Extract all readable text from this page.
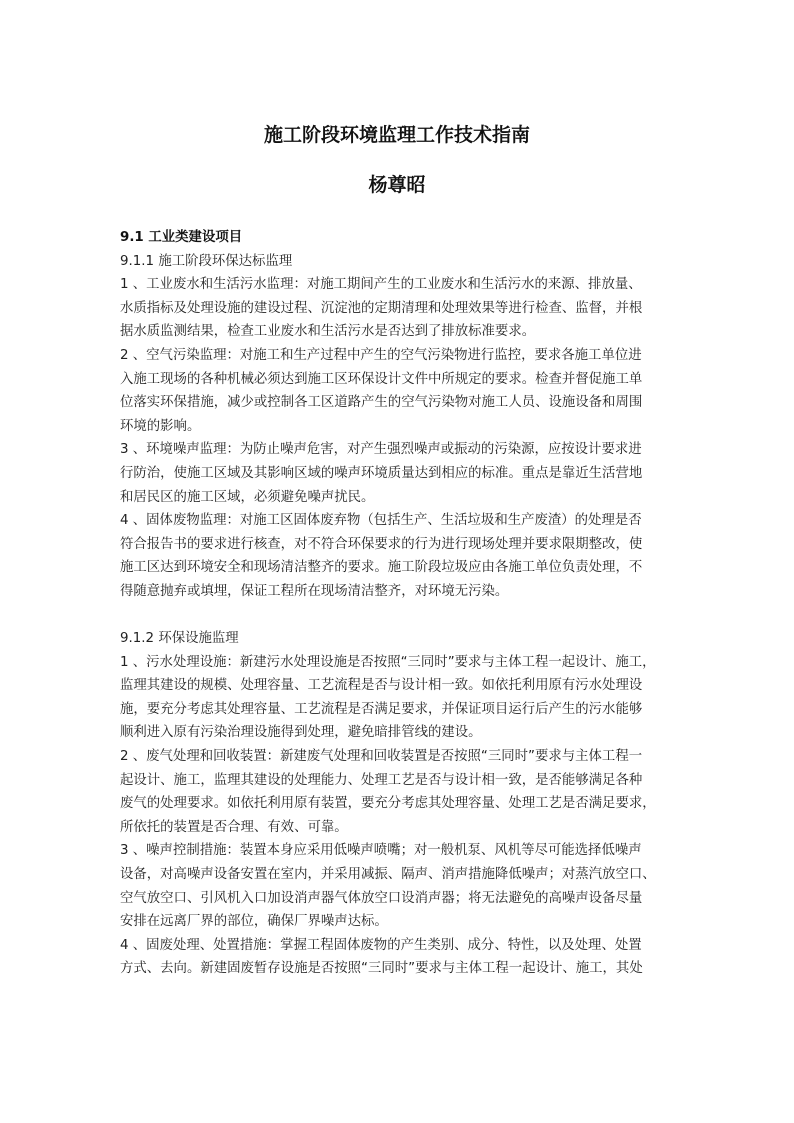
施工阶段环境监理工作技术指南
杨尊昭
9.1 工业类建设项目
9.1.1 施工阶段环保达标监理
1 、工业废水和生活污水监理：对施工期间产生的工业废水和生活污水的来源、排放量、
水质指标及处理设施的建设过程、沉淀池的定期清理和处理效果等进行检查、监督，并根
据水质监测结果，检查工业废水和生活污水是否达到了排放标准要求。
2 、空气污染监理：对施工和生产过程中产生的空气污染物进行监控，要求各施工单位进
入施工现场的各种机械必须达到施工区环保设计文件中所规定的要求。检查并督促施工单
位落实环保措施，减少或控制各工区道路产生的空气污染物对施工人员、设施设备和周围
环境的影响。
3 、环境噪声监理：为防止噪声危害，对产生强烈噪声或振动的污染源，应按设计要求进
行防治，使施工区域及其影响区域的噪声环境质量达到相应的标准。重点是靠近生活营地
和居民区的施工区域，必须避免噪声扰民。
4 、固体废物监理：对施工区固体废弃物（包括生产、生活垃圾和生产废渣）的处理是否
符合报告书的要求进行核查，对不符合环保要求的行为进行现场处理并要求限期整改，使
施工区达到环境安全和现场清洁整齐的要求。施工阶段垃圾应由各施工单位负责处理，不
得随意抛弃或填埋，保证工程所在现场清洁整齐，对环境无污染。
9.1.2 环保设施监理
1 、污水处理设施：新建污水处理设施是否按照“三同时”要求与主体工程一起设计、施工，
监理其建设的规模、处理容量、工艺流程是否与设计相一致。如依托利用原有污水处理设
施，要充分考虑其处理容量、工艺流程是否满足要求，并保证项目运行后产生的污水能够
顺利进入原有污染治理设施得到处理，避免暗排管线的建设。
2 、废气处理和回收装置：新建废气处理和回收装置是否按照“三同时”要求与主体工程一
起设计、施工，监理其建设的处理能力、处理工艺是否与设计相一致，是否能够满足各种
废气的处理要求。如依托利用原有装置，要充分考虑其处理容量、处理工艺是否满足要求，
所依托的装置是否合理、有效、可靠。
3 、噪声控制措施：装置本身应采用低噪声喷嘴；对一般机泵、风机等尽可能选择低噪声
设备，对高噪声设备安置在室内，并采用减振、隔声、消声措施降低噪声；对蒸汽放空口、
空气放空口、引风机入口加设消声器气体放空口设消声器；将无法避免的高噪声设备尽量
安排在远离厂界的部位，确保厂界噪声达标。
4 、固废处理、处置措施：掌握工程固体废物的产生类别、成分、特性，以及处理、处置
方式、去向。新建固废暂存设施是否按照“三同时”要求与主体工程一起设计、施工，其处
